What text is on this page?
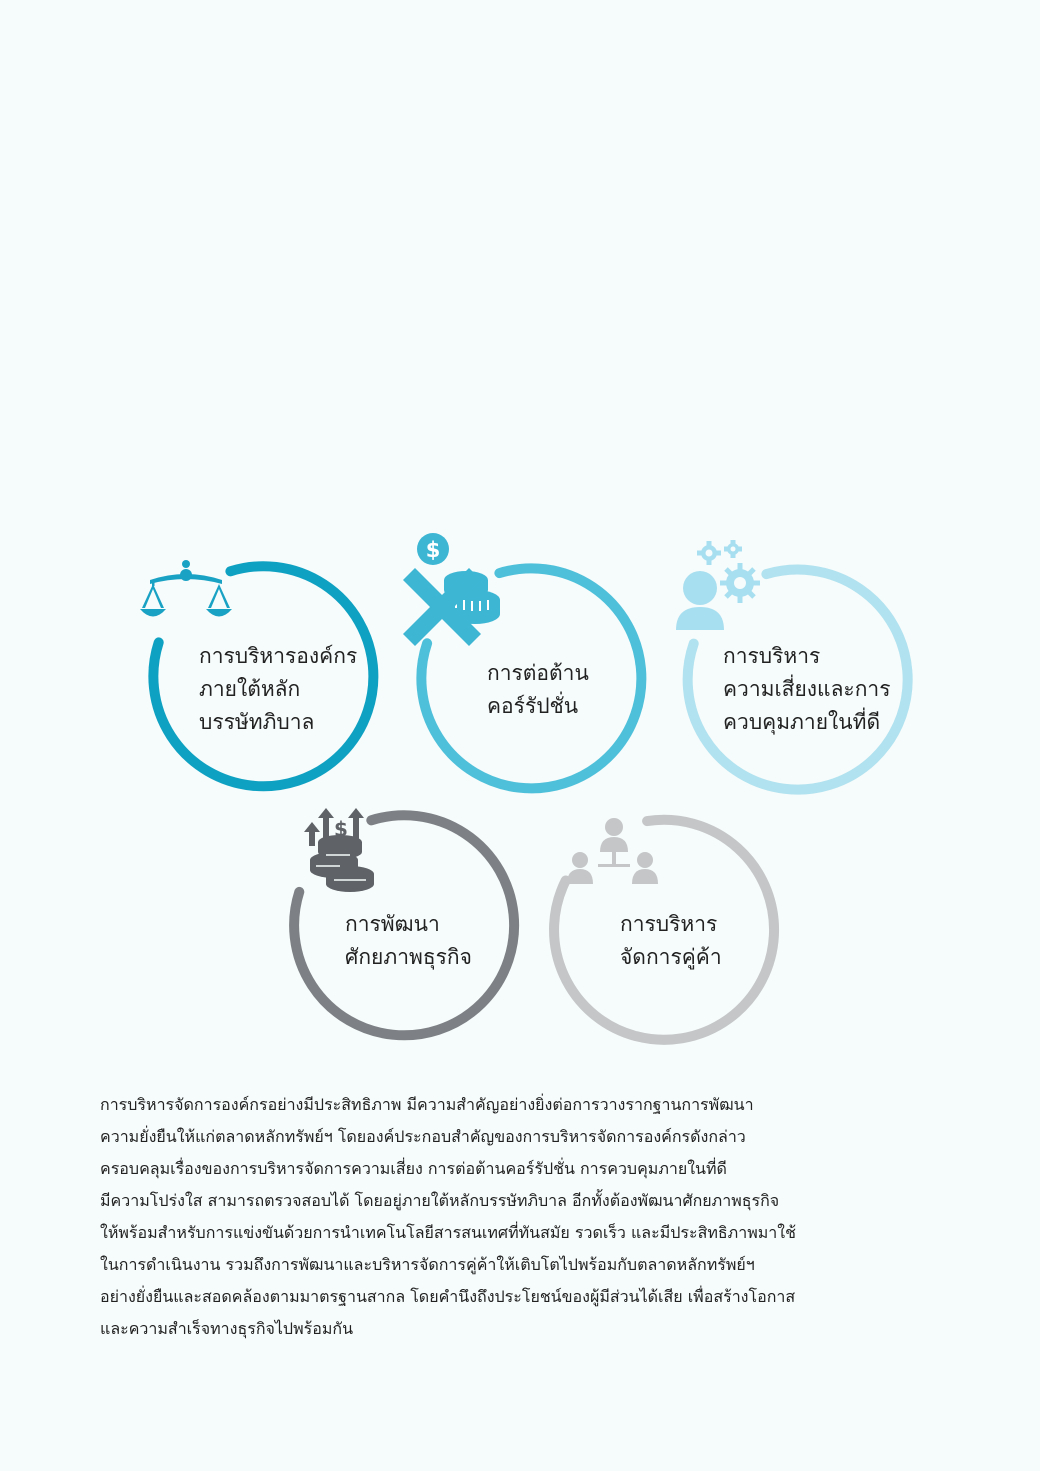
$
$
การบริหารองค์กร
ภายใต้หลัก
บรรษัทภิบาล
การต่อต้าน
คอร์รัปชั่น
การบริหาร
ความเสี่ยงและการ
ควบคุมภายในที่ดี
การพัฒนา
ศักยภาพธุรกิจ
การบริหาร
จัดการคู่ค้า
การบริหารจัดการองค์กรอย่างมีประสิทธิภาพ มีความสำคัญอย่างยิ่งต่อการวางรากฐานการพัฒนา
ความยั่งยืนให้แก่ตลาดหลักทรัพย์ฯ โดยองค์ประกอบสำคัญของการบริหารจัดการองค์กรดังกล่าว
ครอบคลุมเรื่องของการบริหารจัดการความเสี่ยง การต่อต้านคอร์รัปชั่น การควบคุมภายในที่ดี
มีความโปร่งใส สามารถตรวจสอบได้ โดยอยู่ภายใต้หลักบรรษัทภิบาล อีกทั้งต้องพัฒนาศักยภาพธุรกิจ
ให้พร้อมสำหรับการแข่งขันด้วยการนำเทคโนโลยีสารสนเทศที่ทันสมัย รวดเร็ว และมีประสิทธิภาพมาใช้
ในการดำเนินงาน รวมถึงการพัฒนาและบริหารจัดการคู่ค้าให้เติบโตไปพร้อมกับตลาดหลักทรัพย์ฯ
อย่างยั่งยืนและสอดคล้องตามมาตรฐานสากล โดยคำนึงถึงประโยชน์ของผู้มีส่วนได้เสีย เพื่อสร้างโอกาส
และความสำเร็จทางธุรกิจไปพร้อมกัน
